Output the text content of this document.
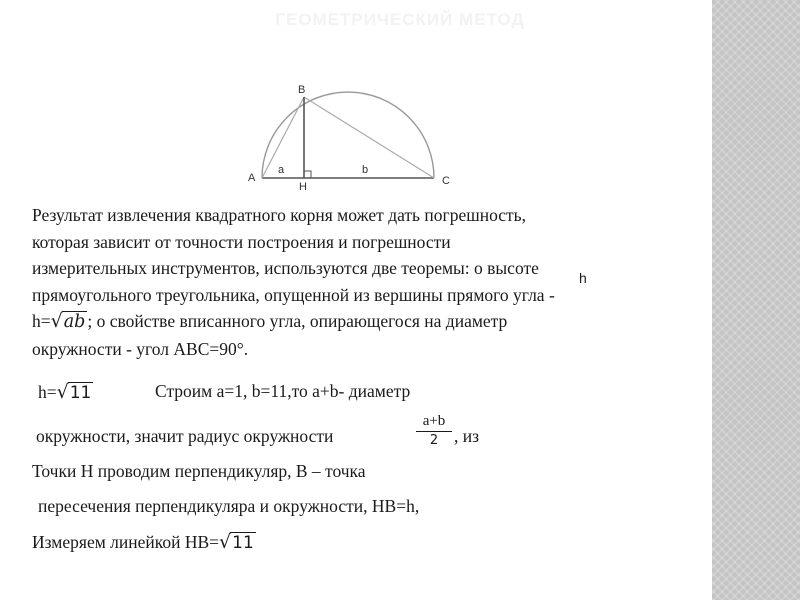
ГЕОМЕТРИЧЕСКИЙ МЕТОД
B
A	C
H
a	b
Результат извлечения квадратного корня может дать погрешность,
которая зависит от точности построения и погрешности
измерительных инструментов, используются две теоремы: о высоте
прямоугольного треугольника, опущенной из вершины прямого угла -
h=√ab ; о свойстве вписанного угла, опирающегося на диаметр
окружности - угол АВС=90°.
h
h=√11	Строим a=1, b=11,то a+b- диаметр
окружности, значит радиус окружности
a+b
2 , из
Точки Н проводим перпендикуляр, В – точка
пересечения перпендикуляра и окружности, НВ=h,
Измеряем линейкой НВ=√11
